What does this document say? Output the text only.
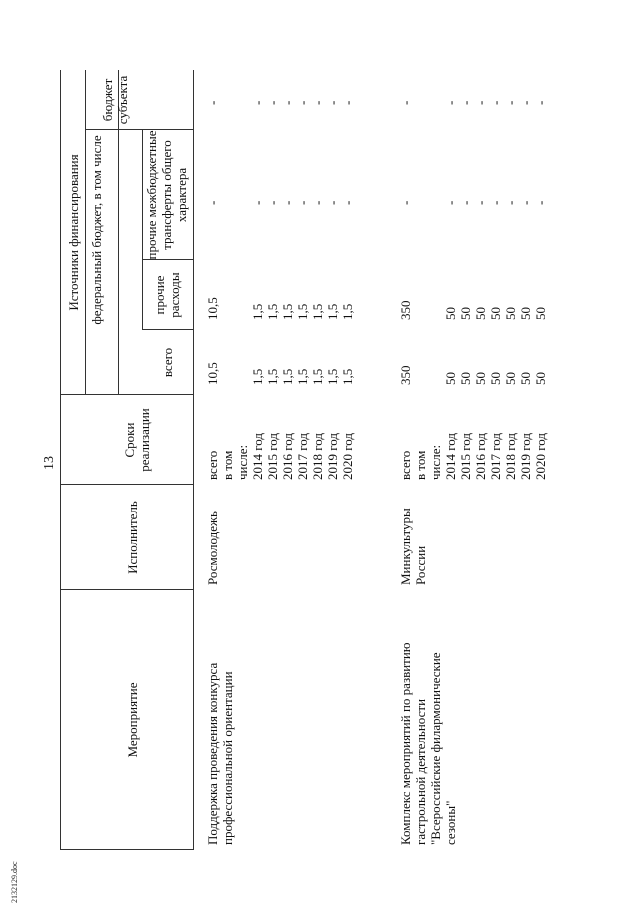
13
2132129.doc
Мероприятие
Исполнитель
Сроки реализации
Источники финансирования федеральный бюджет, в том числе
всего
прочие расходы
прочие межбюджетные трансферты общего характера
бюджет субъекта
Поддержка проведения конкурса профессиональной ориентации
Росмолодежь
всего в том числе: 2014 год 2015 год 2016 год 2017 год 2018 год 2019 год 2020 год
10,5

1,5 1,5 1,5 1,5 1,5 1,5 1,5
10,5

1,5 1,5 1,5 1,5 1,5 1,5 1,5
-

- - - - - - -
-

- - - - - - -
Комплекс мероприятий по развитию гастрольной деятельности "Всероссийские филармонические сезоны"
Минкультуры России
всего в том числе: 2014 год 2015 год 2016 год 2017 год 2018 год 2019 год 2020 год
350

50 50 50 50 50 50 50
350

50 50 50 50 50 50 50
-

- - - - - - -
-

- - - - - - -
